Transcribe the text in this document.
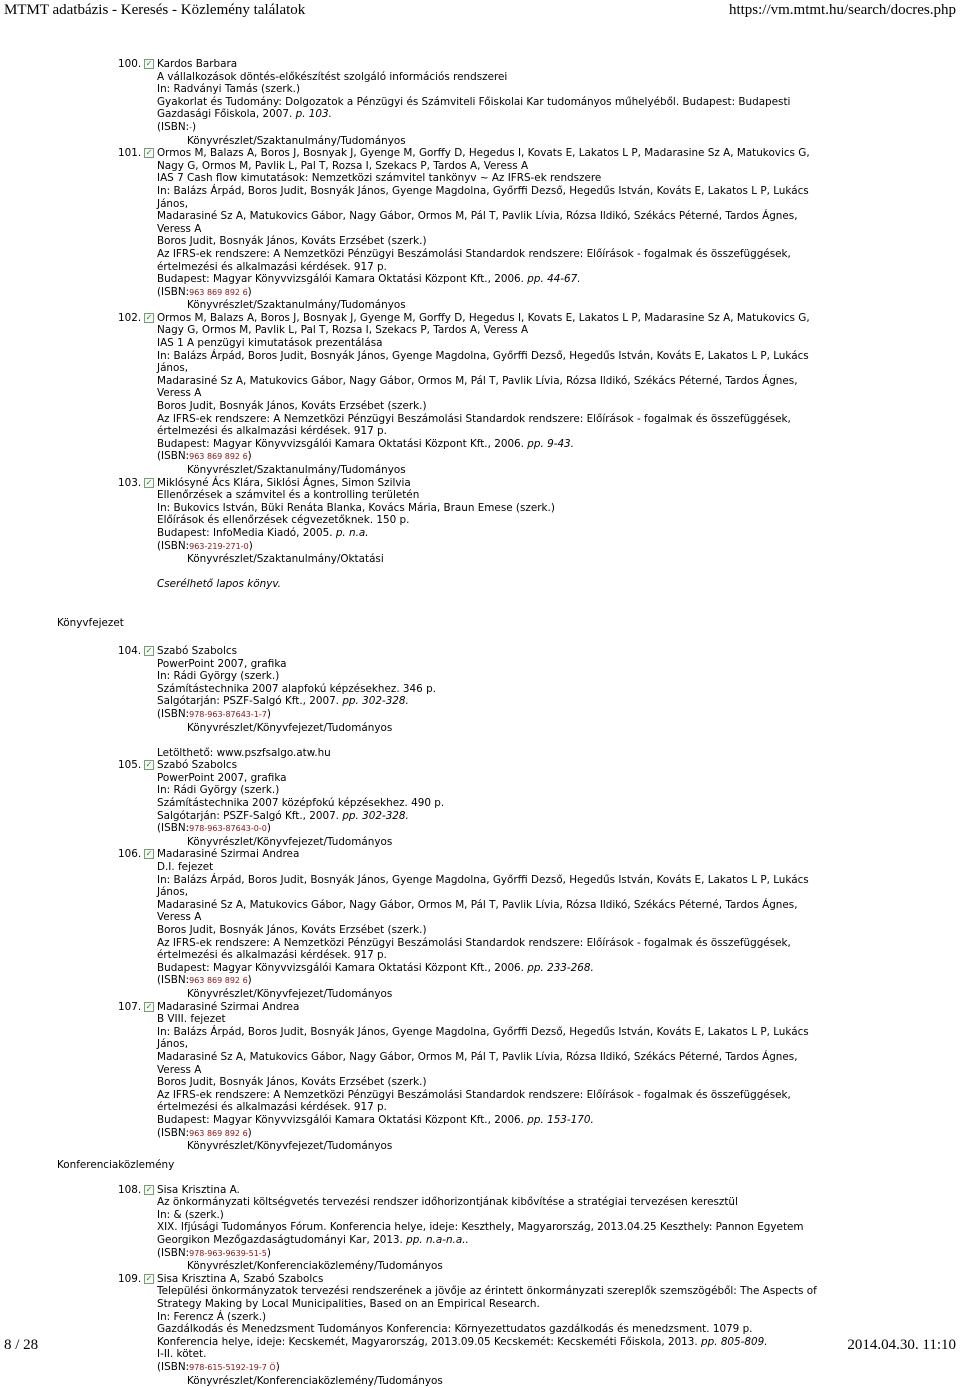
MTMT adatbázis - Keresés - Közlemény találatok	https://vm.mtmt.hu/search/docres.php
100. ✓ Kardos Barbara
A vállalkozások döntés-előkészítést szolgáló információs rendszerei
In: Radványi Tamás (szerk.)
Gyakorlat és Tudomány: Dolgozatok a Pénzügyi és Számviteli Főiskolai Kar tudományos műhelyéből. Budapest: Budapesti
Gazdasági Főiskola, 2007. p. 103.
(ISBN:-)
Könyvrészlet/Szaktanulmány/Tudományos
101. ✓ Ormos M, Balazs A, Boros J, Bosnyak J, Gyenge M, Gorffy D, Hegedus I, Kovats E, Lakatos L P, Madarasine Sz A, Matukovics G,
Nagy G, Ormos M, Pavlik L, Pal T, Rozsa I, Szekacs P, Tardos A, Veress A
IAS 7 Cash flow kimutatások: Nemzetközi számvitel tankönyv ~ Az IFRS-ek rendszere
In: Balázs Árpád, Boros Judit, Bosnyák János, Gyenge Magdolna, Győrffi Dezső, Hegedűs István, Kováts E, Lakatos L P, Lukács János,
Madarasiné Sz A, Matukovics Gábor, Nagy Gábor, Ormos M, Pál T, Pavlik Lívia, Rózsa Ildikó, Székács Péterné, Tardos Ágnes, Veress A
Boros Judit, Bosnyák János, Kováts Erzsébet (szerk.)
Az IFRS-ek rendszere: A Nemzetközi Pénzügyi Beszámolási Standardok rendszere: Előírások - fogalmak és összefüggések,
értelmezési és alkalmazási kérdések. 917 p.
Budapest: Magyar Könyvvizsgálói Kamara Oktatási Központ Kft., 2006. pp. 44-67.
(ISBN:963 869 892 6)
Könyvrészlet/Szaktanulmány/Tudományos
102. ✓ Ormos M, Balazs A, Boros J, Bosnyak J, Gyenge M, Gorffy D, Hegedus I, Kovats E, Lakatos L P, Madarasine Sz A, Matukovics G,
Nagy G, Ormos M, Pavlik L, Pal T, Rozsa I, Szekacs P, Tardos A, Veress A
IAS 1 A penzügyi kimutatások prezentálása
In: Balázs Árpád, Boros Judit, Bosnyák János, Gyenge Magdolna, Győrffi Dezső, Hegedűs István, Kováts E, Lakatos L P, Lukács János,
Madarasiné Sz A, Matukovics Gábor, Nagy Gábor, Ormos M, Pál T, Pavlik Lívia, Rózsa Ildikó, Székács Péterné, Tardos Ágnes, Veress A
Boros Judit, Bosnyák János, Kováts Erzsébet (szerk.)
Az IFRS-ek rendszere: A Nemzetközi Pénzügyi Beszámolási Standardok rendszere: Előírások - fogalmak és összefüggések,
értelmezési és alkalmazási kérdések. 917 p.
Budapest: Magyar Könyvvizsgálói Kamara Oktatási Központ Kft., 2006. pp. 9-43.
(ISBN:963 869 892 6)
Könyvrészlet/Szaktanulmány/Tudományos
103. ✓ Miklósyné Ács Klára, Siklósi Ágnes, Simon Szilvia
Ellenőrzések a számvitel és a kontrolling területén
In: Bukovics István, Büki Renáta Blanka, Kovács Mária, Braun Emese (szerk.)
Előírások és ellenőrzések cégvezetőknek. 150 p.
Budapest: InfoMedia Kiadó, 2005. p. n.a.
(ISBN:963-219-271-0)
Könyvrészlet/Szaktanulmány/Oktatási
Cserélhető lapos könyv.
Könyvfejezet
104. ✓ Szabó Szabolcs
PowerPoint 2007, grafika
In: Rádi György (szerk.)
Számítástechnika 2007 alapfokú képzésekhez. 346 p.
Salgótarján: PSZF-Salgó Kft., 2007. pp. 302-328.
(ISBN:978-963-87643-1-7)
Könyvrészlet/Könyvfejezet/Tudományos
Letölthető: www.pszfsalgo.atw.hu
105. ✓ Szabó Szabolcs
PowerPoint 2007, grafika
In: Rádi György (szerk.)
Számítástechnika 2007 középfokú képzésekhez. 490 p.
Salgótarján: PSZF-Salgó Kft., 2007. pp. 302-328.
(ISBN:978-963-87643-0-0)
Könyvrészlet/Könyvfejezet/Tudományos
106. ✓ Madarasiné Szirmai Andrea
D.I. fejezet
In: Balázs Árpád, Boros Judit, Bosnyák János, Gyenge Magdolna, Győrffi Dezső, Hegedűs István, Kováts E, Lakatos L P, Lukács János,
Madarasiné Sz A, Matukovics Gábor, Nagy Gábor, Ormos M, Pál T, Pavlik Lívia, Rózsa Ildikó, Székács Péterné, Tardos Ágnes, Veress A
Boros Judit, Bosnyák János, Kováts Erzsébet (szerk.)
Az IFRS-ek rendszere: A Nemzetközi Pénzügyi Beszámolási Standardok rendszere: Előírások - fogalmak és összefüggések,
értelmezési és alkalmazási kérdések. 917 p.
Budapest: Magyar Könyvvizsgálói Kamara Oktatási Központ Kft., 2006. pp. 233-268.
(ISBN:963 869 892 6)
Könyvrészlet/Könyvfejezet/Tudományos
107. ✓ Madarasiné Szirmai Andrea
B VIII. fejezet
In: Balázs Árpád, Boros Judit, Bosnyák János, Gyenge Magdolna, Győrffi Dezső, Hegedűs István, Kováts E, Lakatos L P, Lukács János,
Madarasiné Sz A, Matukovics Gábor, Nagy Gábor, Ormos M, Pál T, Pavlik Lívia, Rózsa Ildikó, Székács Péterné, Tardos Ágnes, Veress A
Boros Judit, Bosnyák János, Kováts Erzsébet (szerk.)
Az IFRS-ek rendszere: A Nemzetközi Pénzügyi Beszámolási Standardok rendszere: Előírások - fogalmak és összefüggések,
értelmezési és alkalmazási kérdések. 917 p.
Budapest: Magyar Könyvvizsgálói Kamara Oktatási Központ Kft., 2006. pp. 153-170.
(ISBN:963 869 892 6)
Könyvrészlet/Könyvfejezet/Tudományos
Konferenciaközlemény
108. ✓ Sisa Krisztina A.
Az önkormányzati költségvetés tervezési rendszer időhorizontjának kibővítése a stratégiai tervezésen keresztül
In: & (szerk.)
XIX. Ifjúsági Tudományos Fórum. Konferencia helye, ideje: Keszthely, Magyarország, 2013.04.25 Keszthely: Pannon Egyetem
Georgikon Mezőgazdaságtudományi Kar, 2013. pp. n.a-n.a..
(ISBN:978-963-9639-51-5)
Könyvrészlet/Konferenciaközlemény/Tudományos
109. ✓ Sisa Krisztina A, Szabó Szabolcs
Települési önkormányzatok tervezési rendszerének a jövője az érintett önkormányzati szereplők szemszögéből: The Aspects of
Strategy Making by Local Municipalities, Based on an Empirical Research.
In: Ferencz Á (szerk.)
Gazdálkodás és Menedzsment Tudományos Konferencia: Környezettudatos gazdálkodás és menedzsment. 1079 p.
Konferencia helye, ideje: Kecskemét, Magyarország, 2013.09.05 Kecskemét: Kecskeméti Főiskola, 2013. pp. 805-809.
I-II. kötet.
(ISBN:978-615-5192-19-7 Ö)
Könyvrészlet/Konferenciaközlemény/Tudományos
8 / 28	2014.04.30. 11:10
